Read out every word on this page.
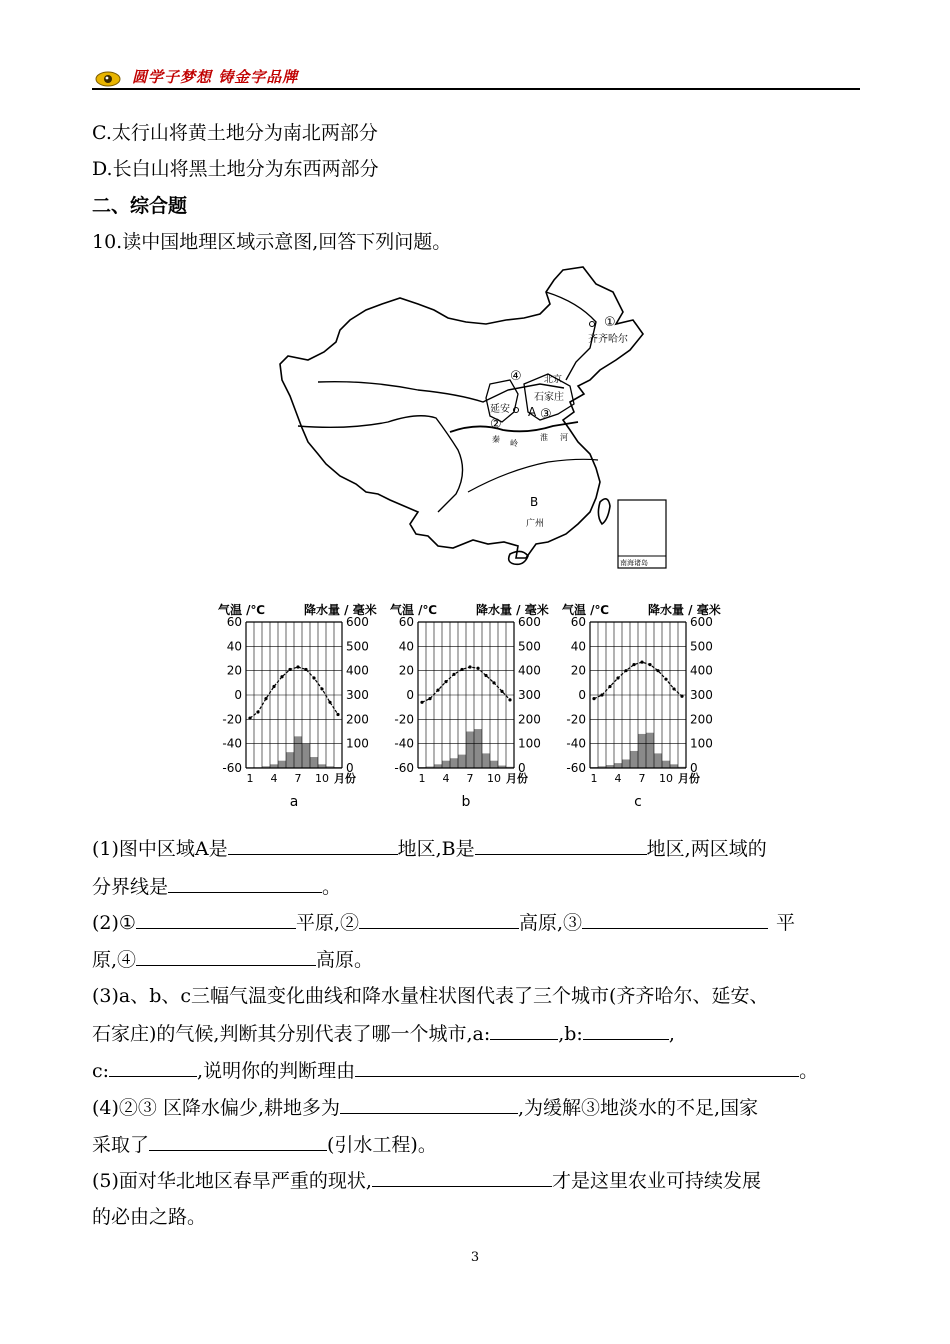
圆学子梦想 铸金字品牌
C.太行山将黄土地分为南北两部分
D.长白山将黑土地分为东西两部分
二、综合题
10.读中国地理区域示意图,回答下列问题。
①
齐齐哈尔
④ 北京
石家庄
延安
②
A ③
秦 岭
淮 河
B
广州
南海诸岛
气温 /℃	降水量 / 毫米
60
40
20
0
-20
-40
-60
600
500
400
300
200
100
0
1 4 7 10 月份
a
气温 /℃	降水量 / 毫米
60
40
20
0
-20
-40
-60
600
500
400
300
200
100
0
1 4 7 10 月份
b
气温 /℃	降水量 / 毫米
60
40
20
0
-20
-40
-60
600
500
400
300
200
100
0
1 4 7 10 月份
c
(1)图中区域A是	地区,B是	地区,两区域的
分界线是	。
(2)①	平原,②	高原,③	平
原,④	高原。
(3)a、b、c三幅气温变化曲线和降水量柱状图代表了三个城市(齐齐哈尔、延安、
石家庄)的气候,判断其分别代表了哪一个城市,a:	,b:	,
c:	,说明你的判断理由	。
(4)②③ 区降水偏少,耕地多为	,为缓解③地淡水的不足,国家
采取了	(引水工程)。
(5)面对华北地区春旱严重的现状,	才是这里农业可持续发展
的必由之路。
3
